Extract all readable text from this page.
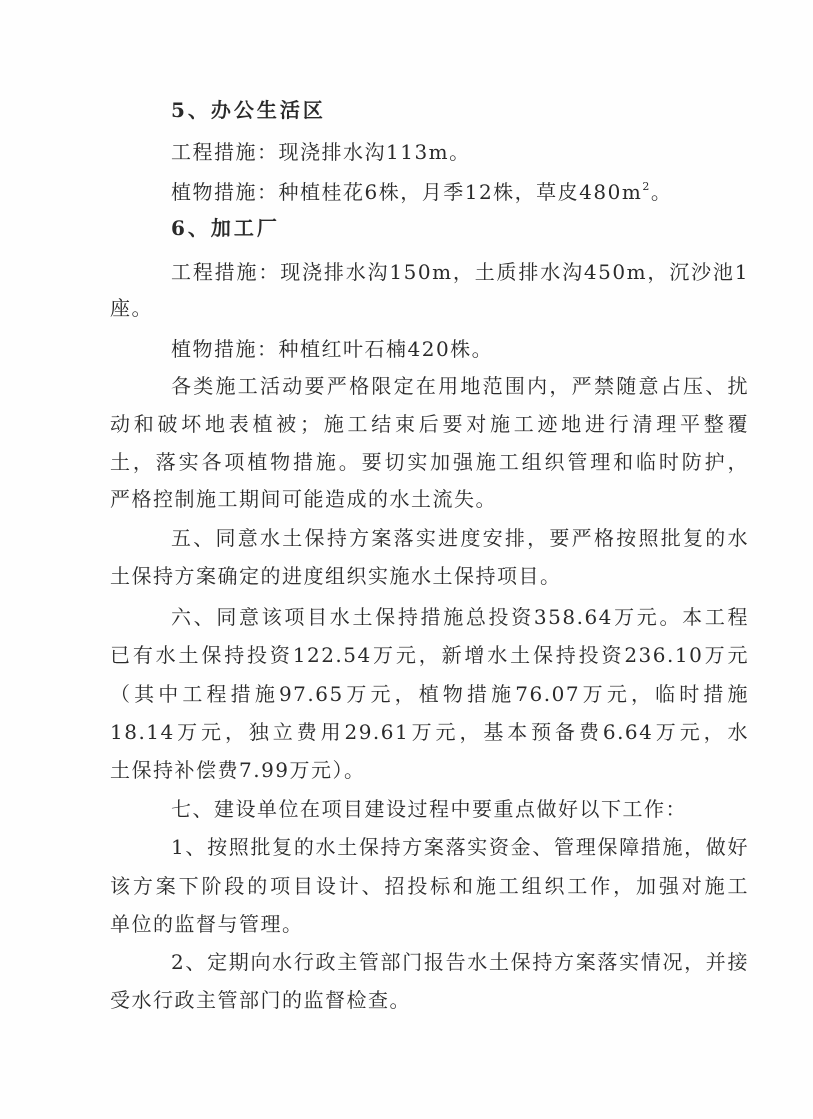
5、办公生活区
工程措施：现浇排水沟113m。
植物措施：种植桂花6株，月季12株，草皮$480m^2$。
6、加工厂
工程措施：现浇排水沟150m，土质排水沟450m，沉沙池1
座。
植物措施：种植红叶石楠420株。
各类施工活动要严格限定在用地范围内，严禁随意占压、扰
动和破坏地表植被；施工结束后要对施工迹地进行清理平整覆
土，落实各项植物措施。要切实加强施工组织管理和临时防护，
严格控制施工期间可能造成的水土流失。
五、同意水土保持方案落实进度安排，要严格按照批复的水
土保持方案确定的进度组织实施水土保持项目。
六、同意该项目水土保持措施总投资358.64万元。本工程
已有水土保持投资122.54万元，新增水土保持投资236.10万元
（其中工程措施97.65万元，植物措施76.07万元，临时措施
18.14万元，独立费用29.61万元，基本预备费6.64万元，水
土保持补偿费7.99万元）。
七、建设单位在项目建设过程中要重点做好以下工作：
1、按照批复的水土保持方案落实资金、管理保障措施，做好
该方案下阶段的项目设计、招投标和施工组织工作，加强对施工
单位的监督与管理。
2、定期向水行政主管部门报告水土保持方案落实情况，并接
受水行政主管部门的监督检查。
